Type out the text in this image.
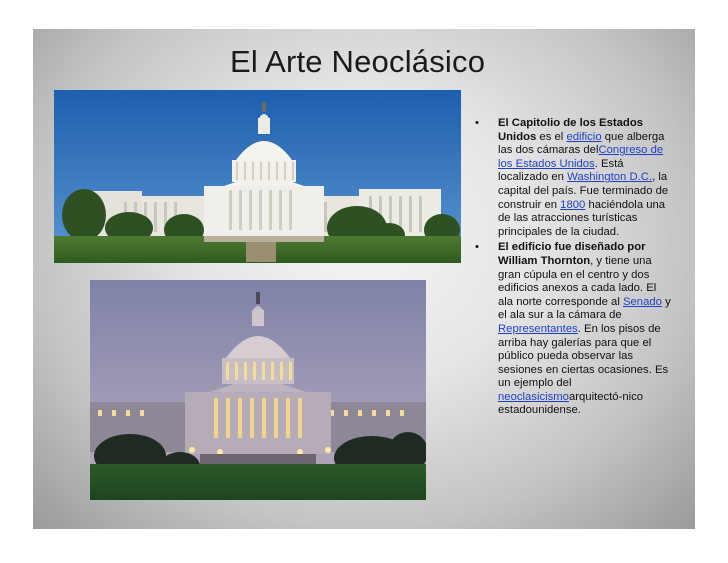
El Arte Neoclásico
• El Capitolio de los Estados Unidos es el edificio que alberga las dos cámaras delCongreso de los Estados Unidos. Está localizado en Washington D.C., la capital del país. Fue terminado de construir en 1800 haciéndola una de las atracciones turísticas principales de la ciudad.
• El edificio fue diseñado por William Thornton, y tiene una gran cúpula en el centro y dos edificios anexos a cada lado. El ala norte corresponde al Senado y el ala sur a la cámara de Representantes. En los pisos de arriba hay galerías para que el público pueda observar las sesiones en ciertas ocasiones. Es un ejemplo del neoclasicismoarquitectó-nico estadounidense.
